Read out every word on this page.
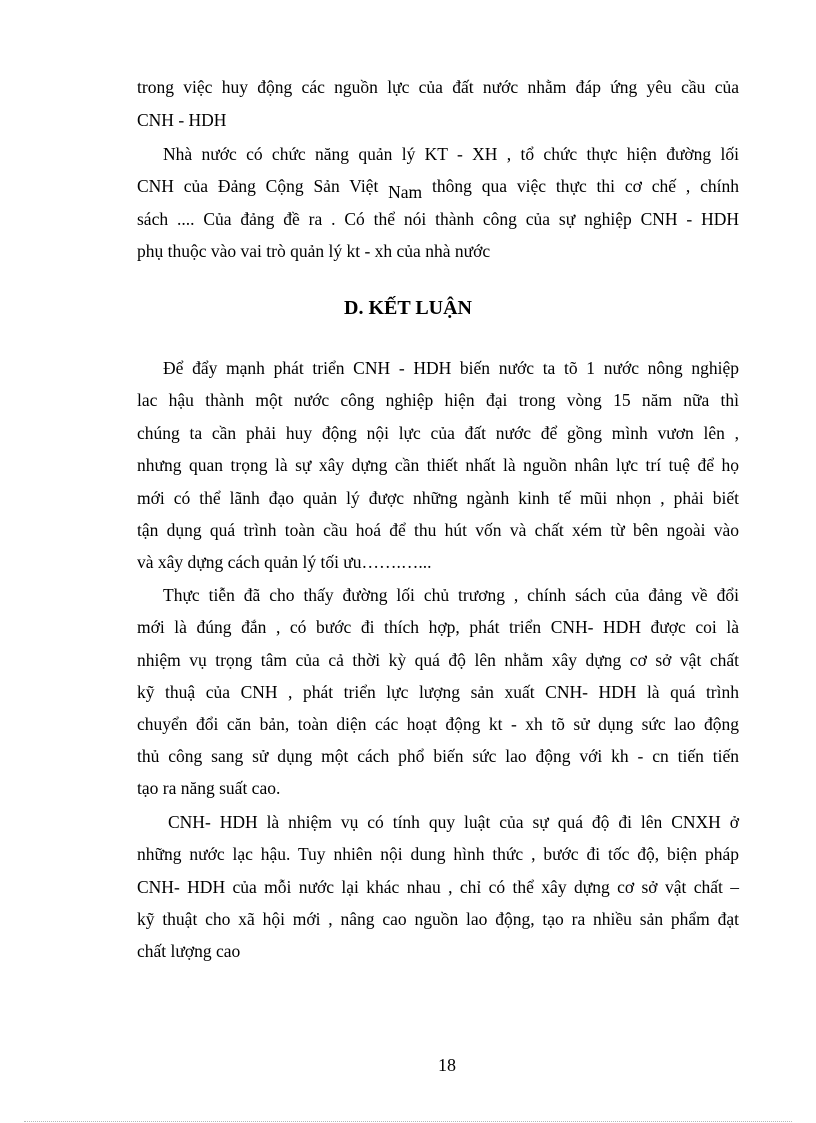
trong việc huy động các nguồn lực của đất nước nhằm đáp ứng yêu cầu của
CNH - HDH
Nhà nước có chức năng quản lý KT - XH , tổ chức thực hiện đường lối
CNH của Đảng Cộng Sản Việt Nam thông qua việc thực thi cơ chế , chính
sách .... Của đảng đề ra . Có thể nói thành công của sự nghiệp CNH - HDH
phụ thuộc vào vai trò quản lý kt - xh của nhà nước
D. KẾT LUẬN
Để đẩy mạnh phát triển CNH - HDH biến nước ta tõ 1 nước nông nghiệp
lac hậu thành một nước công nghiệp hiện đại trong vòng 15 năm nữa thì
chúng ta cần phải huy động nội lực của đất nước để gồng mình vươn lên ,
nhưng quan trọng là sự xây dựng cần thiết nhất là nguồn nhân lực trí tuệ để họ
mới có thể lãnh đạo quản lý được những ngành kinh tế mũi nhọn , phải biết
tận dụng quá trình toàn cầu hoá để thu hút vốn và chất xém từ bên ngoài vào
và xây dựng cách quản lý tối ưu…….…...
Thực tiễn đã cho thấy đường lối chủ trương , chính sách của đảng về đổi
mới là đúng đắn , có bước đi thích hợp, phát triển CNH- HDH được coi là
nhiệm vụ trọng tâm của cả thời kỳ quá độ lên nhằm xây dựng cơ sở vật chất
kỹ thuậ của CNH , phát triển lực lượng sản xuất CNH- HDH là quá trình
chuyển đổi căn bản, toàn diện các hoạt động kt - xh tõ sử dụng sức lao động
thủ công sang sử dụng một cách phổ biến sức lao động với kh - cn tiến tiến
tạo ra năng suất cao.
CNH- HDH là nhiệm vụ có tính quy luật của sự quá độ đi lên CNXH ở
những nước lạc hậu. Tuy nhiên nội dung hình thức , bước đi tốc độ, biện pháp
CNH- HDH của mỗi nước lại khác nhau , chỉ có thể xây dựng cơ sở vật chất –
kỹ thuật cho xã hội mới , nâng cao nguồn lao động, tạo ra nhiều sản phẩm đạt
chất lượng cao
18
